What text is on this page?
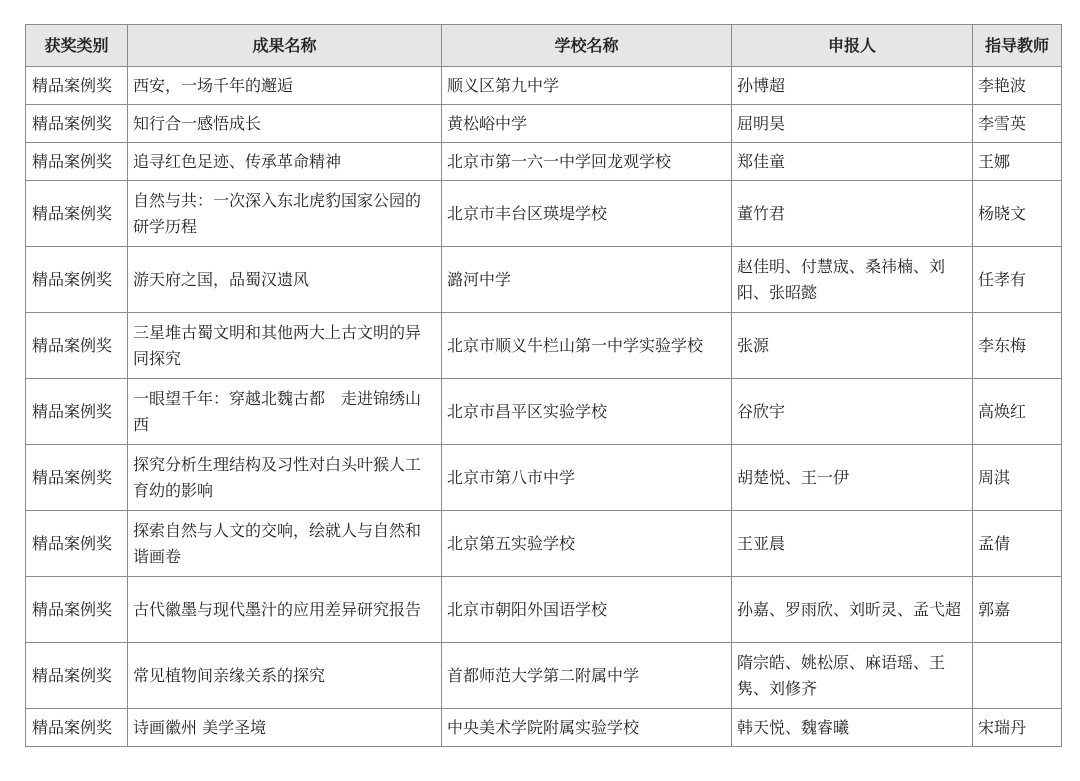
获奖类别	成果名称	学校名称	申报人	指导教师
精品案例奖	西安，一场千年的邂逅	顺义区第九中学	孙博超	李艳波
精品案例奖	知行合一感悟成长	黄松峪中学	屈明昊	李雪英
精品案例奖	追寻红色足迹、传承革命精神	北京市第一六一中学回龙观学校	郑佳童	王娜
精品案例奖	自然与共：一次深入东北虎豹国家公园的研学历程	北京市丰台区瑛堤学校	董竹君	杨晓文
精品案例奖	游天府之国，品蜀汉遗风	潞河中学	赵佳明、付慧宬、桑祎楠、刘阳、张昭懿	任孝有
精品案例奖	三星堆古蜀文明和其他两大上古文明的异同探究	北京市顺义牛栏山第一中学实验学校	张源	李东梅
精品案例奖	一眼望千年：穿越北魏古都　走进锦绣山西	北京市昌平区实验学校	谷欣宇	高焕红
精品案例奖	探究分析生理结构及习性对白头叶猴人工育幼的影响	北京市第八市中学	胡楚悦、王一伊	周淇
精品案例奖	探索自然与人文的交响，绘就人与自然和谐画卷	北京第五实验学校	王亚晨	孟倩
精品案例奖	古代徽墨与现代墨汁的应用差异研究报告	北京市朝阳外国语学校	孙嘉、罗雨欣、刘昕灵、孟弋超	郭嘉
精品案例奖	常见植物间亲缘关系的探究	首都师范大学第二附属中学	隋宗皓、姚松原、麻语瑶、王隽、刘修齐	
精品案例奖	诗画徽州 美学圣境	中央美术学院附属实验学校	韩天悦、魏睿曦	宋瑞丹
